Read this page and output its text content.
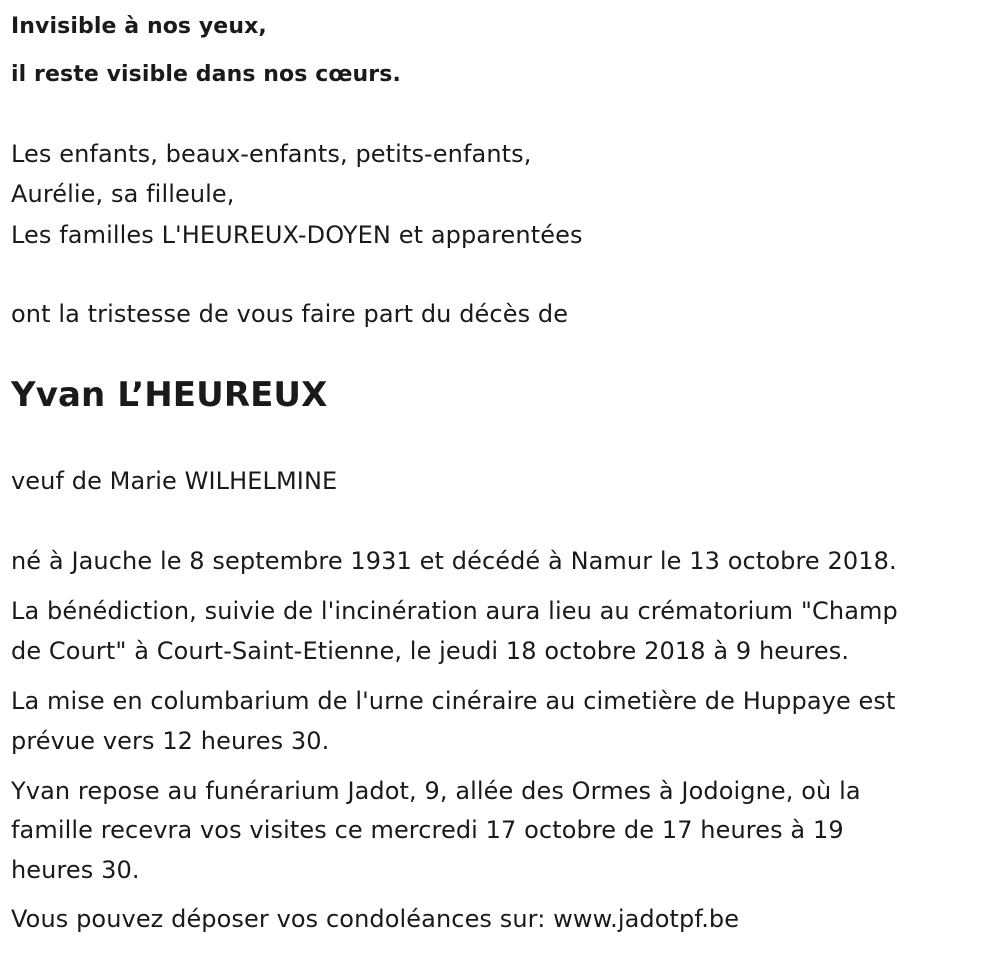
Invisible à nos yeux,
il reste visible dans nos cœurs.
Les enfants, beaux-enfants, petits-enfants,
Aurélie, sa filleule,
Les familles L'HEUREUX-DOYEN et apparentées
ont la tristesse de vous faire part du décès de
Yvan L’HEUREUX
veuf de Marie WILHELMINE
né à Jauche le 8 septembre 1931 et décédé à Namur le 13 octobre 2018.
La bénédiction, suivie de l'incinération aura lieu au crématorium "Champ
de Court" à Court-Saint-Etienne, le jeudi 18 octobre 2018 à 9 heures.
La mise en columbarium de l'urne cinéraire au cimetière de Huppaye est
prévue vers 12 heures 30.
Yvan repose au funérarium Jadot, 9, allée des Ormes à Jodoigne, où la
famille recevra vos visites ce mercredi 17 octobre de 17 heures à 19
heures 30.
Vous pouvez déposer vos condoléances sur: www.jadotpf.be
